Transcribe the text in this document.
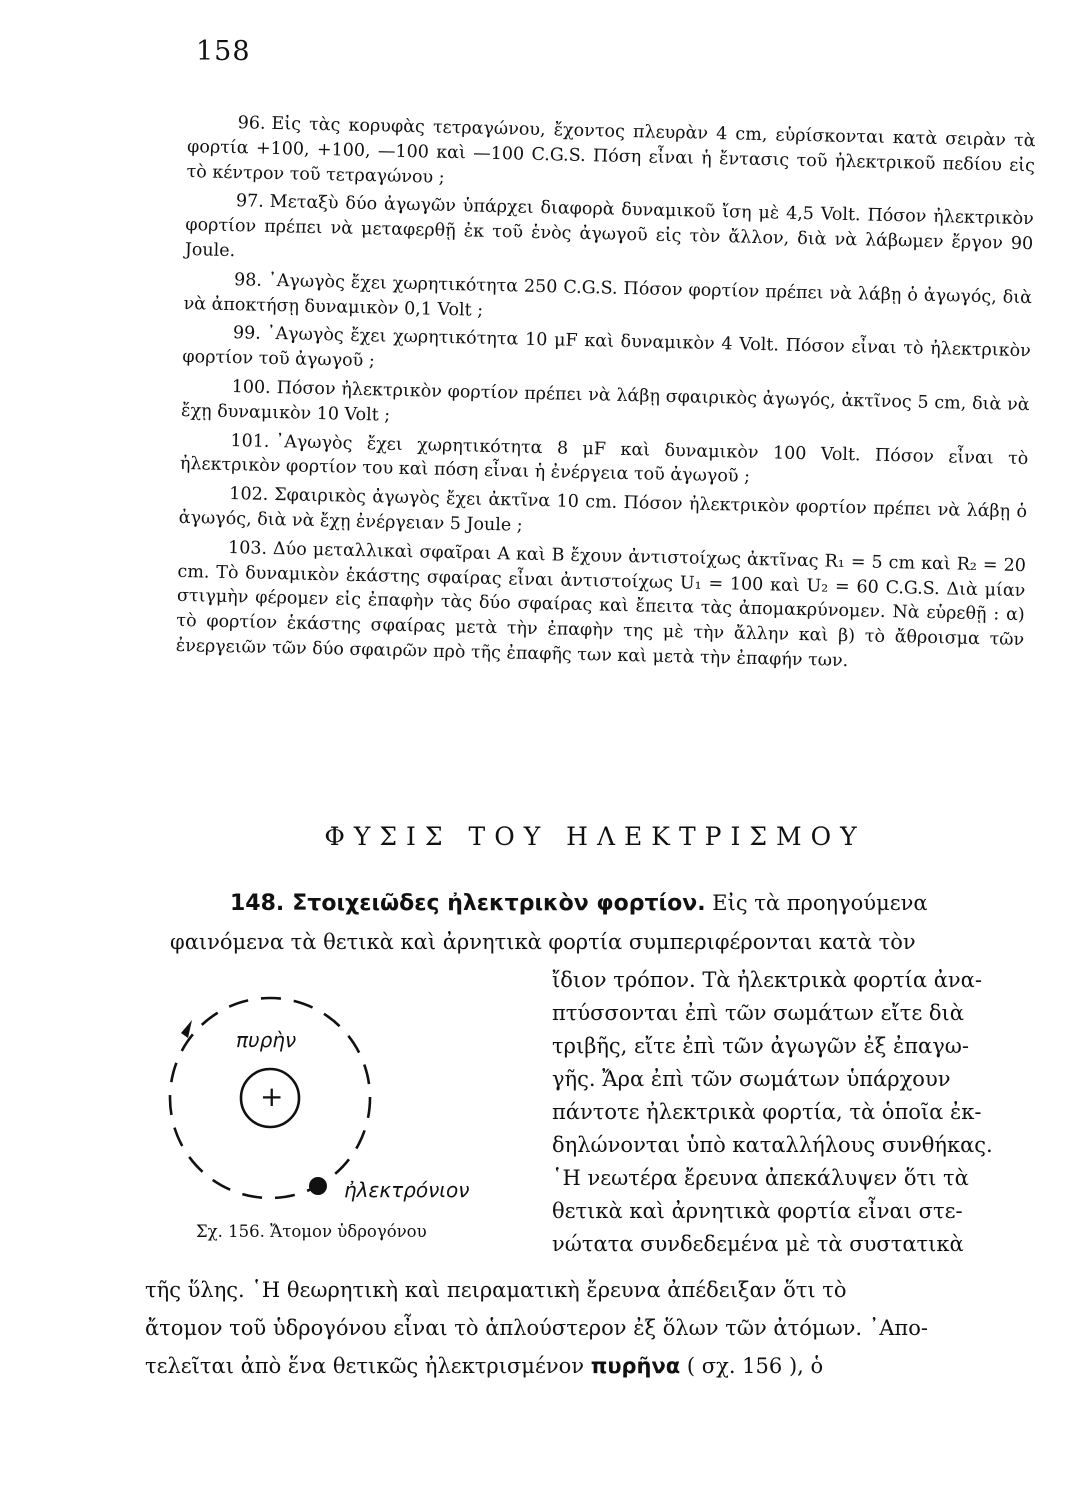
158

96. Εἰς τὰς κορυφὰς τετραγώνου, ἔχοντος πλευρὰν 4 cm, εὑρίσκονται κατὰ σειρὰν τὰ φορτία +100, +100, —100 καὶ —100 C.G.S. Πόση εἶναι ἡ ἔντασις τοῦ ἠλεκτρικοῦ πεδίου εἰς τὸ κέντρον τοῦ τετραγώνου ;

97. Μεταξὺ δύο ἀγωγῶν ὑπάρχει διαφορὰ δυναμικοῦ ἴση μὲ 4,5 Volt. Πόσον ἠλεκτρικὸν φορτίον πρέπει νὰ μεταφερθῇ ἐκ τοῦ ἑνὸς ἀγωγοῦ εἰς τὸν ἄλλον, διὰ νὰ λάβωμεν ἔργον 90 Joule.

98. ᾿Αγωγὸς ἔχει χωρητικότητα 250 C.G.S. Πόσον φορτίον πρέπει νὰ λάβῃ ὁ ἀγωγός, διὰ νὰ ἀποκτήσῃ δυναμικὸν 0,1 Volt ;

99. ᾿Αγωγὸς ἔχει χωρητικότητα 10 μF καὶ δυναμικὸν 4 Volt. Πόσον εἶναι τὸ ἠλεκτρικὸν φορτίον τοῦ ἀγωγοῦ ;

100. Πόσον ἠλεκτρικὸν φορτίον πρέπει νὰ λάβῃ σφαιρικὸς ἀγωγός, ἀκτῖνος 5 cm, διὰ νὰ ἔχῃ δυναμικὸν 10 Volt ;

101. ᾿Αγωγὸς ἔχει χωρητικότητα 8 μF καὶ δυναμικὸν 100 Volt. Πόσον εἶναι τὸ ἠλεκτρικὸν φορτίον του καὶ πόση εἶναι ἡ ἐνέργεια τοῦ ἀγωγοῦ ;

102. Σφαιρικὸς ἀγωγὸς ἔχει ἀκτῖνα 10 cm. Πόσον ἠλεκτρικὸν φορτίον πρέπει νὰ λάβῃ ὁ ἀγωγός, διὰ νὰ ἔχῃ ἐνέργειαν 5 Joule ;

103. Δύο μεταλλικαὶ σφαῖραι Α καὶ Β ἔχουν ἀντιστοίχως ἀκτῖνας R₁ = 5 cm καὶ R₂ = 20 cm. Τὸ δυναμικὸν ἑκάστης σφαίρας εἶναι ἀντιστοίχως U₁ = 100 καὶ U₂ = 60 C.G.S. Διὰ μίαν στιγμὴν φέρομεν εἰς ἐπαφὴν τὰς δύο σφαίρας καὶ ἔπειτα τὰς ἀπομακρύνομεν. Νὰ εὑρεθῇ : α) τὸ φορτίον ἑκάστης σφαίρας μετὰ τὴν ἐπαφὴν της μὲ τὴν ἄλλην καὶ β) τὸ ἄθροισμα τῶν ἐνεργειῶν τῶν δύο σφαιρῶν πρὸ τῆς ἐπαφῆς των καὶ μετὰ τὴν ἐπαφήν των.

ΦΥΣΙΣ ΤΟΥ ΗΛΕΚΤΡΙΣΜΟΥ
148. Στοιχειῶδες ἠλεκτρικὸν φορτίον. Εἰς τὰ προηγούμενα
φαινόμενα τὰ θετικὰ καὶ ἀρνητικὰ φορτία συμπεριφέρονται κατὰ τὸν
ἴδιον τρόπον. Τὰ ἠλεκτρικὰ φορτία ἀνα-
πτύσσονται ἐπὶ τῶν σωμάτων εἴτε διὰ
τριβῆς, εἴτε ἐπὶ τῶν ἀγωγῶν ἐξ ἐπαγω-
γῆς. Ἄρα ἐπὶ τῶν σωμάτων ὑπάρχουν
πάντοτε ἠλεκτρικὰ φορτία, τὰ ὁποῖα ἐκ-
δηλώνονται ὑπὸ καταλλήλους συνθήκας.
῾Η νεωτέρα ἔρευνα ἀπεκάλυψεν ὅτι τὰ
θετικὰ καὶ ἀρνητικὰ φορτία εἶναι στε-
νώτατα συνδεδεμένα μὲ τὰ συστατικὰ
τῆς ὕλης. ῾Η θεωρητικὴ καὶ πειραματικὴ ἔρευνα ἀπέδειξαν ὅτι τὸ
ἄτομον τοῦ ὑδρογόνου εἶναι τὸ ἁπλούστερον ἐξ ὅλων τῶν ἀτόμων. ᾿Απο-
τελεῖται ἀπὸ ἕνα θετικῶς ἠλεκτρισμένον πυρῆνα ( σχ. 156 ), ὁ
πυρὴν
+
ἠλεκτρόνιον
Σχ. 156. Ἄτομον ὑδρογόνου
